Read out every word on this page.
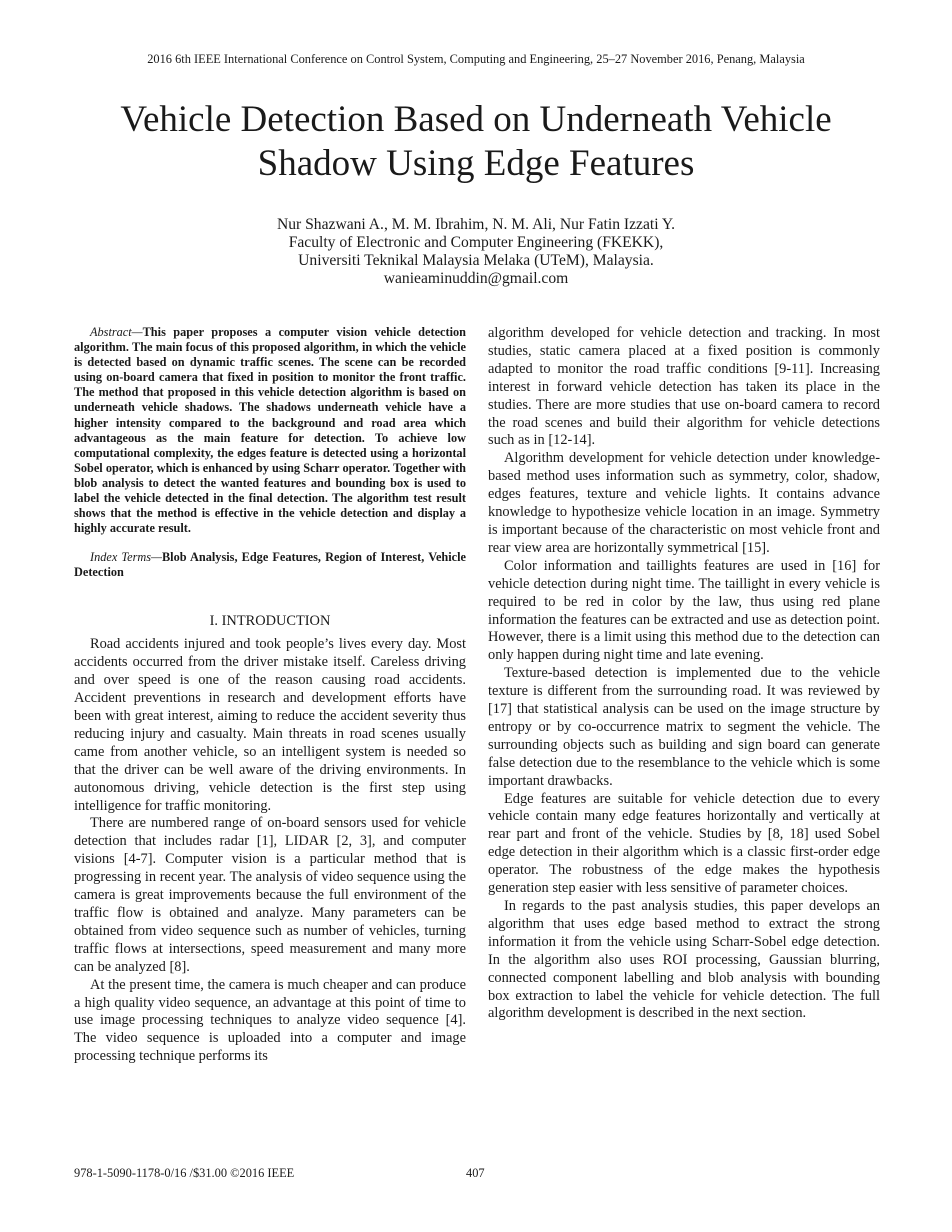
2016 6th IEEE International Conference on Control System, Computing and Engineering, 25–27 November 2016, Penang, Malaysia
Vehicle Detection Based on Underneath Vehicle
Shadow Using Edge Features
Nur Shazwani A., M. M. Ibrahim, N. M. Ali, Nur Fatin Izzati Y.
Faculty of Electronic and Computer Engineering (FKEKK),
Universiti Teknikal Malaysia Melaka (UTeM), Malaysia.
wanieaminuddin@gmail.com

Abstract—This paper proposes a computer vision vehicle detection algorithm. The main focus of this proposed algorithm, in which the vehicle is detected based on dynamic traffic scenes. The scene can be recorded using on-board camera that fixed in position to monitor the front traffic. The method that proposed in this vehicle detection algorithm is based on underneath vehicle shadows. The shadows underneath vehicle have a higher intensity compared to the background and road area which advantageous as the main feature for detection. To achieve low computational complexity, the edges feature is detected using a horizontal Sobel operator, which is enhanced by using Scharr operator. Together with blob analysis to detect the wanted features and bounding box is used to label the vehicle detected in the final detection. The algorithm test result shows that the method is effective in the vehicle detection and display a highly accurate result.

Index Terms—Blob Analysis, Edge Features, Region of Interest, Vehicle Detection

I. INTRODUCTION

Road accidents injured and took people’s lives every day. Most accidents occurred from the driver mistake itself. Careless driving and over speed is one of the reason causing road accidents. Accident preventions in research and development efforts have been with great interest, aiming to reduce the accident severity thus reducing injury and casualty. Main threats in road scenes usually came from another vehicle, so an intelligent system is needed so that the driver can be well aware of the driving environments. In autonomous driving, vehicle detection is the first step using intelligence for traffic monitoring.

There are numbered range of on-board sensors used for vehicle detection that includes radar [1], LIDAR [2, 3], and computer visions [4-7]. Computer vision is a particular method that is progressing in recent year. The analysis of video sequence using the camera is great improvements because the full environment of the traffic flow is obtained and analyze. Many parameters can be obtained from video sequence such as number of vehicles, turning traffic flows at intersections, speed measurement and many more can be analyzed [8].

At the present time, the camera is much cheaper and can produce a high quality video sequence, an advantage at this point of time to use image processing techniques to analyze video sequence [4]. The video sequence is uploaded into a computer and image processing technique performs its

algorithm developed for vehicle detection and tracking. In most studies, static camera placed at a fixed position is commonly adapted to monitor the road traffic conditions [9-11]. Increasing interest in forward vehicle detection has taken its place in the studies. There are more studies that use on-board camera to record the road scenes and build their algorithm for vehicle detections such as in [12-14].

Algorithm development for vehicle detection under knowledge-based method uses information such as symmetry, color, shadow, edges features, texture and vehicle lights. It contains advance knowledge to hypothesize vehicle location in an image. Symmetry is important because of the characteristic on most vehicle front and rear view area are horizontally symmetrical [15].

Color information and taillights features are used in [16] for vehicle detection during night time. The taillight in every vehicle is required to be red in color by the law, thus using red plane information the features can be extracted and use as detection point. However, there is a limit using this method due to the detection can only happen during night time and late evening.

Texture-based detection is implemented due to the vehicle texture is different from the surrounding road. It was reviewed by [17] that statistical analysis can be used on the image structure by entropy or by co-occurrence matrix to segment the vehicle. The surrounding objects such as building and sign board can generate false detection due to the resemblance to the vehicle which is some important drawbacks.

Edge features are suitable for vehicle detection due to every vehicle contain many edge features horizontally and vertically at rear part and front of the vehicle. Studies by [8, 18] used Sobel edge detection in their algorithm which is a classic first-order edge operator. The robustness of the edge makes the hypothesis generation step easier with less sensitive of parameter choices.

In regards to the past analysis studies, this paper develops an algorithm that uses edge based method to extract the strong information it from the vehicle using Scharr-Sobel edge detection. In the algorithm also uses ROI processing, Gaussian blurring, connected component labelling and blob analysis with bounding box extraction to label the vehicle for vehicle detection. The full algorithm development is described in the next section.

978-1-5090-1178-0/16 /$31.00 ©2016 IEEE	407
